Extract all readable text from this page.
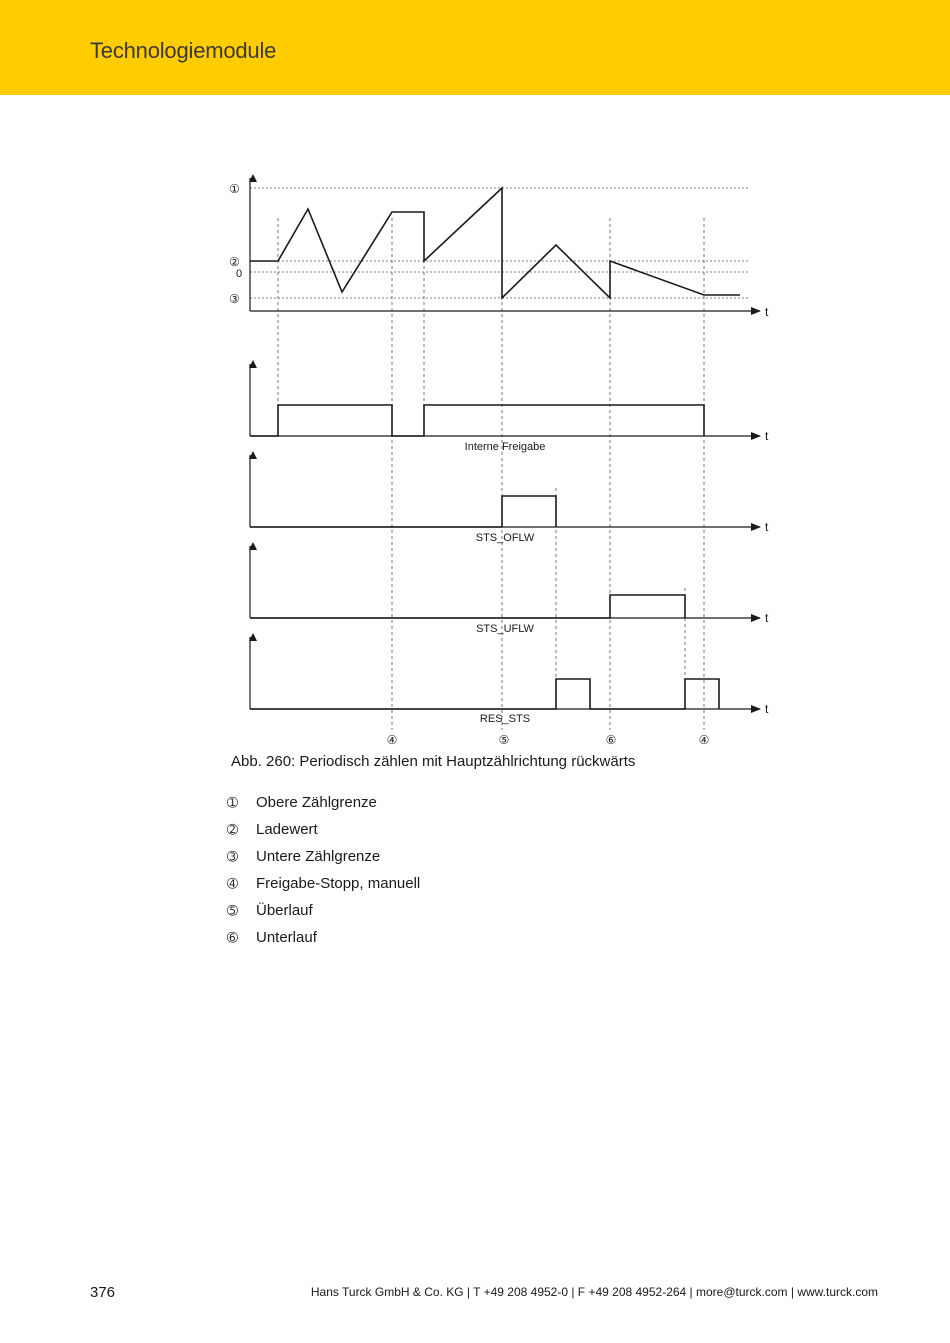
Technologiemodule
①
②
0
③
t
Interne Freigabe
t
STS_OFLW
t
STS_UFLW
t
RES_STS
t
④	⑤	⑥	④
Abb. 260: Periodisch zählen mit Hauptzählrichtung rückwärts
➀	Obere Zählgrenze
➁	Ladewert
➂	Untere Zählgrenze
➃	Freigabe-Stopp, manuell
➄	Überlauf
➅	Unterlauf
376	Hans Turck GmbH & Co. KG | T +49 208 4952-0 | F +49 208 4952-264 | more@turck.com | www.turck.com
